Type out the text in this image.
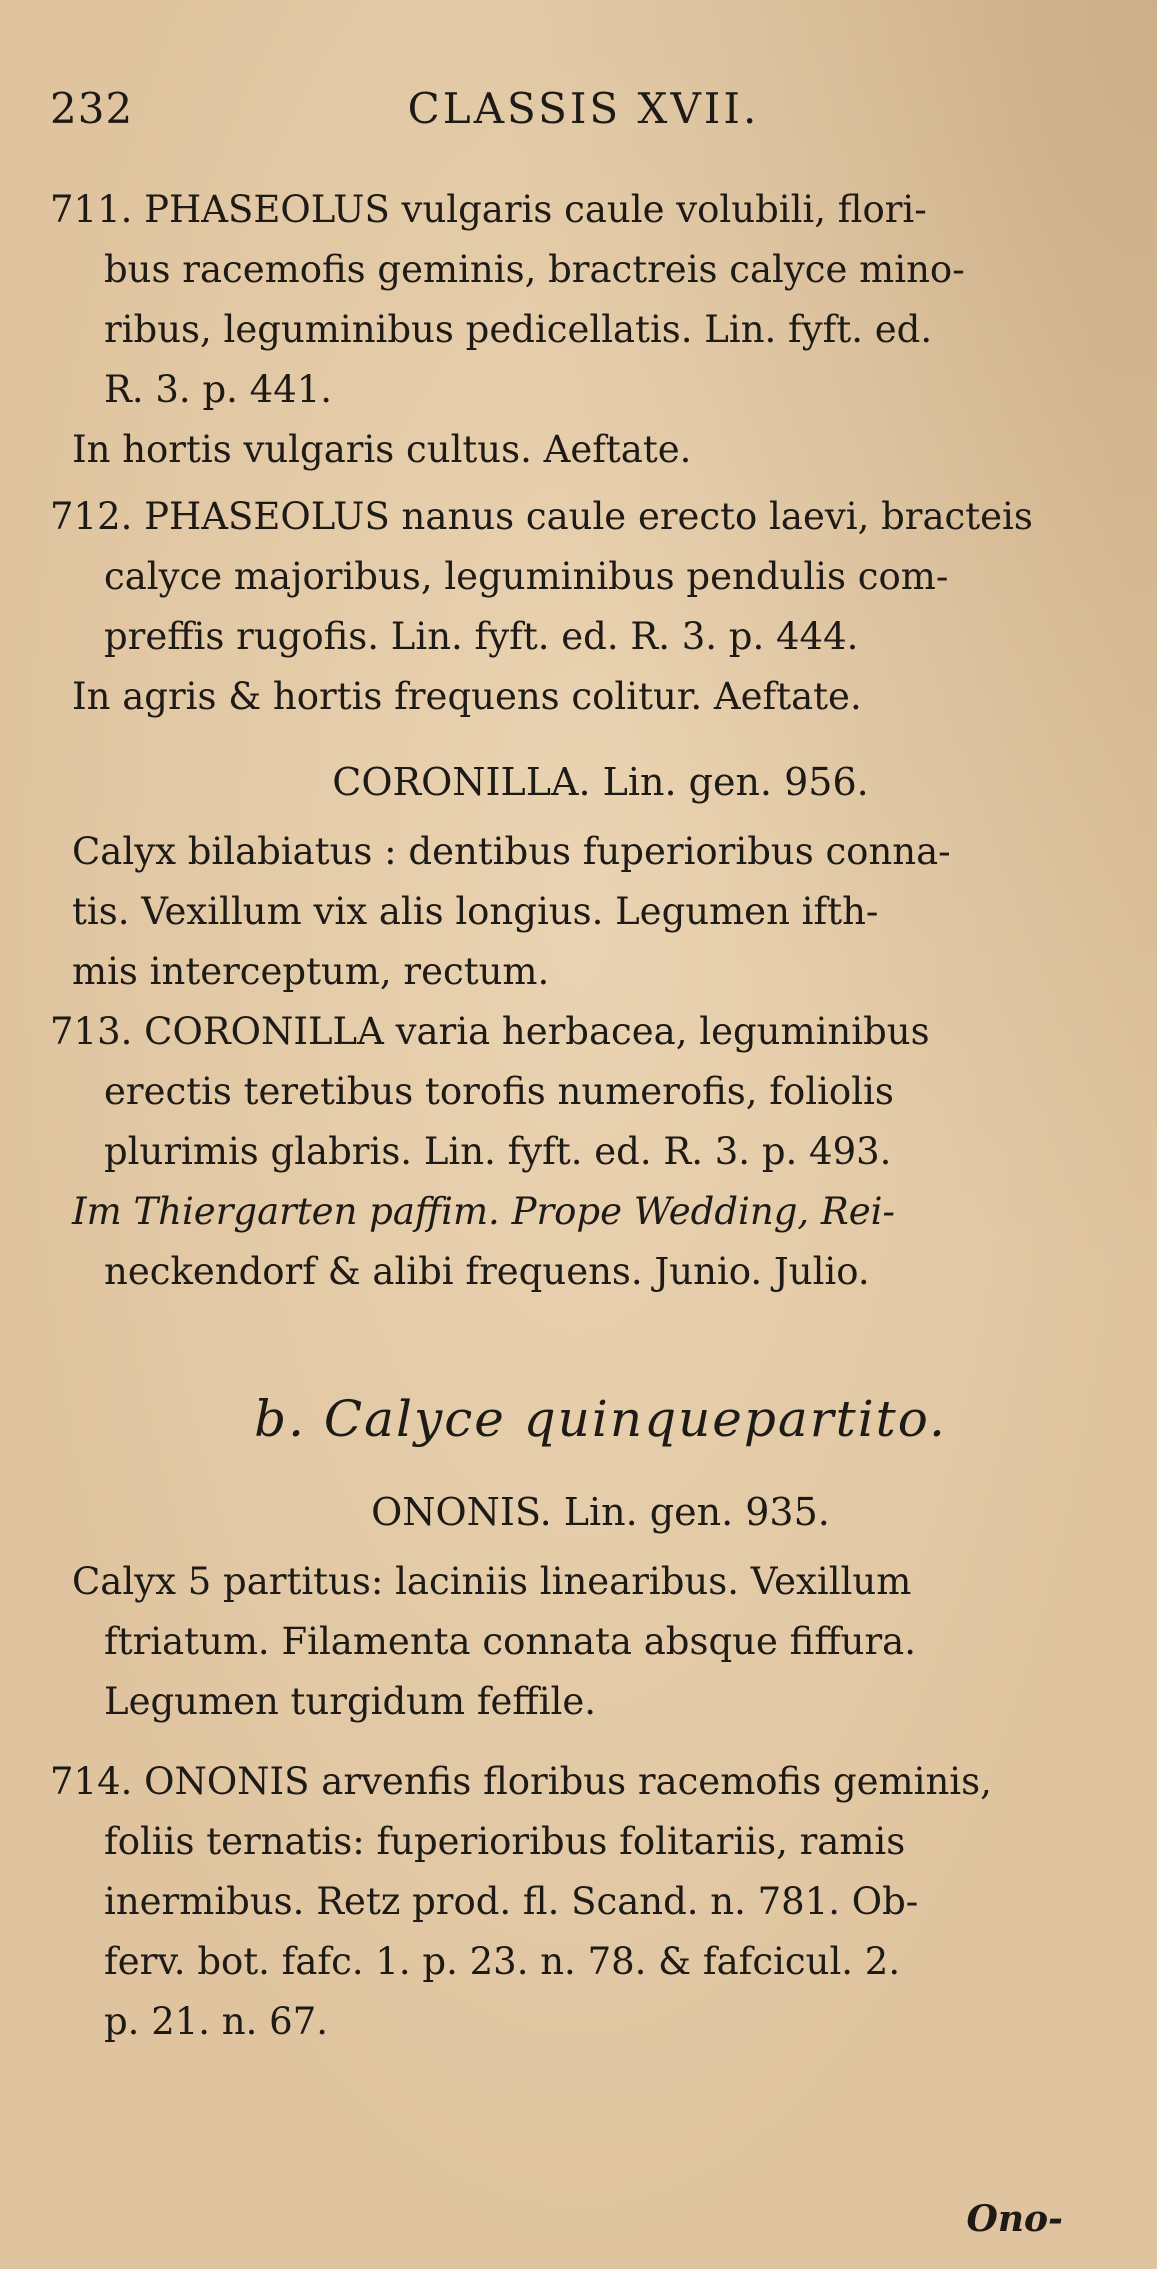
232	CLASSIS XVII.
711. PHASEOLUS vulgaris caule volubili, flori-
bus racemofis geminis, bractreis calyce mino-
ribus, leguminibus pedicellatis. Lin. fyft. ed.
R. 3. p. 441.
In hortis vulgaris cultus. Aeftate.
712. PHASEOLUS nanus caule erecto laevi, bracteis
calyce majoribus, leguminibus pendulis com-
preffis rugofis. Lin. fyft. ed. R. 3. p. 444.
In agris & hortis frequens colitur. Aeftate.
CORONILLA. Lin. gen. 956.
Calyx bilabiatus : dentibus fuperioribus conna-
tis. Vexillum vix alis longius. Legumen ifth-
mis interceptum, rectum.
713. CORONILLA varia herbacea, leguminibus
erectis teretibus torofis numerofis, foliolis
plurimis glabris. Lin. fyft. ed. R. 3. p. 493.
Im Thiergarten paffim. Prope Wedding, Rei-
neckendorf & alibi frequens. Junio. Julio.
b. Calyce quinquepartito.
ONONIS. Lin. gen. 935.
Calyx 5 partitus: laciniis linearibus. Vexillum
ftriatum. Filamenta connata absque fiffura.
Legumen turgidum feffile.
714. ONONIS arvenfis floribus racemofis geminis,
foliis ternatis: fuperioribus folitariis, ramis
inermibus. Retz prod. fl. Scand. n. 781. Ob-
ferv. bot. fafc. 1. p. 23. n. 78. & fafcicul. 2.
p. 21. n. 67.
Ono-
